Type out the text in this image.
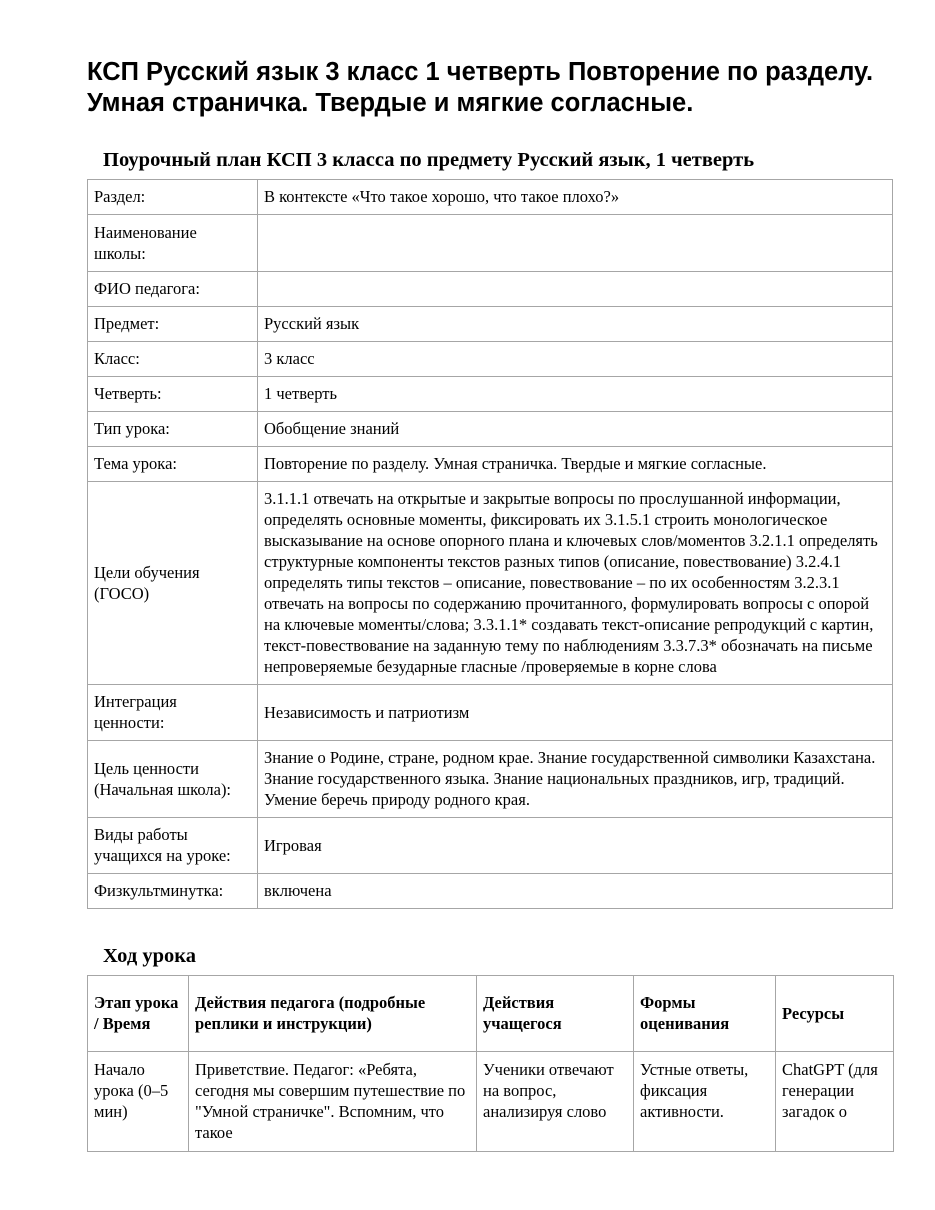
КСП Русский язык 3 класс 1 четверть Повторение по разделу. Умная страничка. Твердые и мягкие согласные.
Поурочный план КСП 3 класса по предмету Русский язык, 1 четверть
Раздел:	В контексте «Что такое хорошо, что такое плохо?»
Наименование школы:	
ФИО педагога:	
Предмет:	Русский язык
Класс:	3 класс
Четверть:	1 четверть
Тип урока:	Обобщение знаний
Тема урока:	Повторение по разделу. Умная страничка. Твердые и мягкие согласные.
Цели обучения (ГОСО)	3.1.1.1 отвечать на открытые и закрытые вопросы по прослушанной информации, определять основные моменты, фиксировать их 3.1.5.1 строить монологическое высказывание на основе опорного плана и ключевых слов/моментов 3.2.1.1 определять структурные компоненты текстов разных типов (описание, повествование) 3.2.4.1 определять типы текстов – описание, повествование – по их особенностям 3.2.3.1 отвечать на вопросы по содержанию прочитанного, формулировать вопросы с опорой на ключевые моменты/слова; 3.3.1.1* создавать текст-описание репродукций с картин, текст-повествование на заданную тему по наблюдениям 3.3.7.3* обозначать на письме непроверяемые безударные гласные /проверяемые в корне слова
Интеграция ценности:	Независимость и патриотизм
Цель ценности (Начальная школа):	Знание о Родине, стране, родном крае. Знание государственной символики Казахстана. Знание государственного языка. Знание национальных праздников, игр, традиций. Умение беречь природу родного края.
Виды работы учащихся на уроке:	Игровая
Физкультминутка:	включена
Ход урока
Этап урока / Время	Действия педагога (подробные реплики и инструкции)	Действия учащегося	Формы оценивания	Ресурсы
Начало урока (0–5 мин)	Приветствие. Педагог: «Ребята, сегодня мы совершим путешествие по "Умной страничке". Вспомним, что такое	Ученики отвечают на вопрос, анализируя слово	Устные ответы, фиксация активности.	ChatGPT (для генерации загадок о
